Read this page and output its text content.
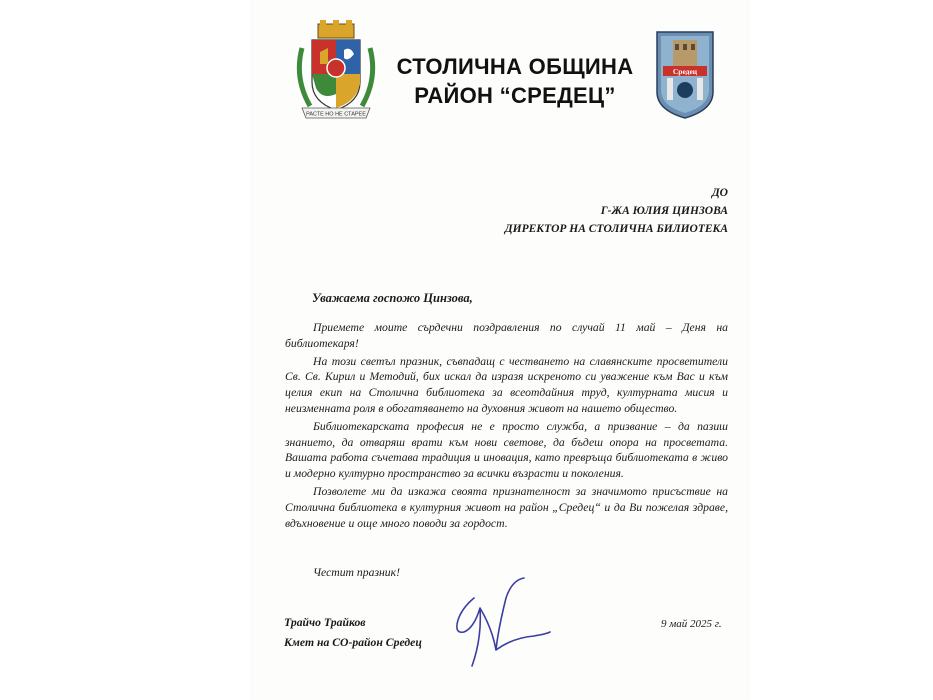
РАСТЕ НО НЕ СТАРЕЕ
Средец
СТОЛИЧНА ОБЩИНА
РАЙОН “СРЕДЕЦ”
ДО
Г-ЖА ЮЛИЯ ЦИНЗОВА
ДИРЕКТОР НА СТОЛИЧНА БИЛИОТЕКА
Уважаема госпожо Цинзова,

Приемете моите сърдечни поздравления по случай 11 май – Деня на библиотекаря!

На този светъл празник, съвпадащ с честването на славянските просветители Св. Св. Кирил и Методий, бих искал да изразя искреното си уважение към Вас и към целия екип на Столична библиотека за всеотдайния труд, културната мисия и неизменната роля в обогатяването на духовния живот на нашето общество.

Библиотекарската професия не е просто служба, а призвание – да пазиш знанието, да отваряш врати към нови светове, да бъдеш опора на просветата. Вашата работа съчетава традиция и иновация, като превръща библиотеката в живо и модерно културно пространство за всички възрасти и поколения.

Позволете ми да изкажа своята признателност за значимото присъствие на Столична библиотека в културния живот на район „Средец“ и да Ви пожелая здраве, вдъхновение и още много поводи за гордост.

Честит празник!
Трайчо Трайков
Кмет на СО-район Средец
9 май 2025 г.
